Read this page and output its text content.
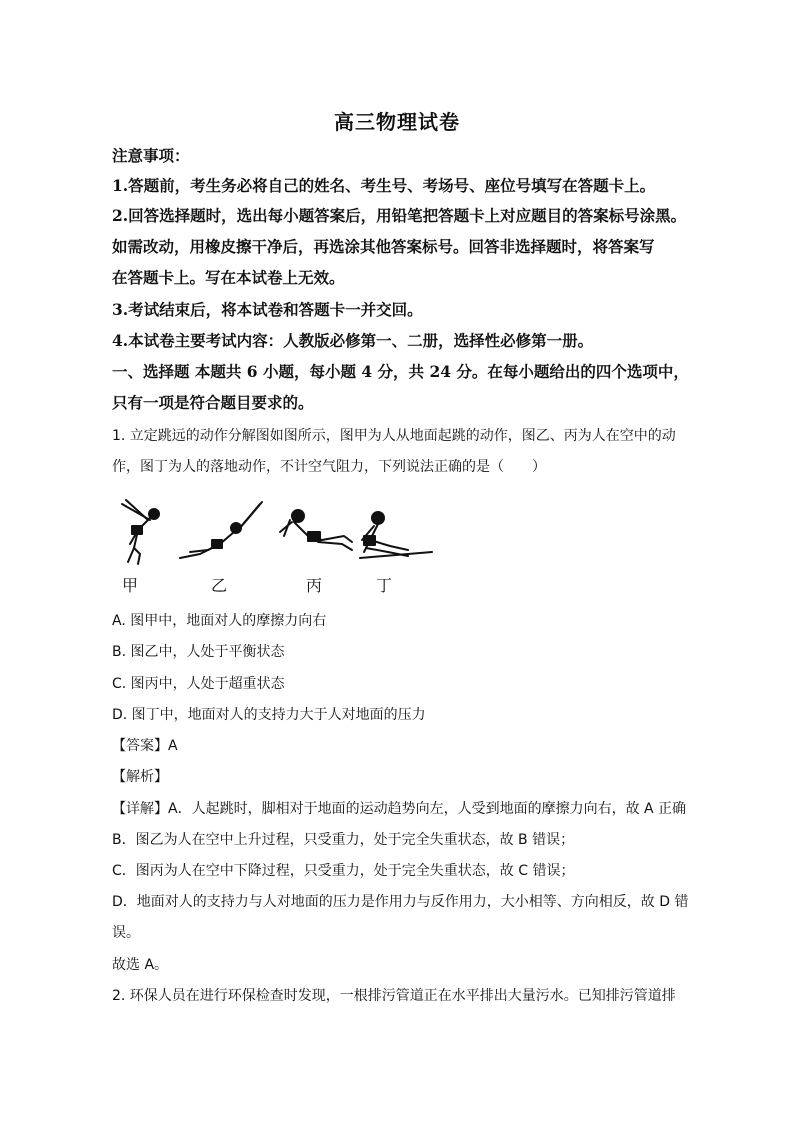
高三物理试卷
注意事项：
1.答题前，考生务必将自己的姓名、考生号、考场号、座位号填写在答题卡上。
2.回答选择题时，选出每小题答案后，用铅笔把答题卡上对应题目的答案标号涂黑。
如需改动，用橡皮擦干净后，再选涂其他答案标号。回答非选择题时，将答案写
在答题卡上。写在本试卷上无效。
3.考试结束后，将本试卷和答题卡一并交回。
4.本试卷主要考试内容：人教版必修第一、二册，选择性必修第一册。
一、选择题 本题共 6 小题，每小题 4 分，共 24 分。在每小题给出的四个选项中，
只有一项是符合题目要求的。
1. 立定跳远的动作分解图如图所示，图甲为人从地面起跳的动作，图乙、丙为人在空中的动
作，图丁为人的落地动作，不计空气阻力，下列说法正确的是（　　）
甲	乙	丙	丁
A. 图甲中，地面对人的摩擦力向右
B. 图乙中，人处于平衡状态
C. 图丙中，人处于超重状态
D. 图丁中，地面对人的支持力大于人对地面的压力
【答案】A
【解析】
【详解】A．人起跳时，脚相对于地面的运动趋势向左，人受到地面的摩擦力向右，故 A 正确
B．图乙为人在空中上升过程，只受重力，处于完全失重状态，故 B 错误；
C．图丙为人在空中下降过程，只受重力，处于完全失重状态，故 C 错误；
D．地面对人的支持力与人对地面的压力是作用力与反作用力，大小相等、方向相反，故 D 错
误。
故选 A。
2. 环保人员在进行环保检查时发现，一根排污管道正在水平排出大量污水。已知排污管道排
